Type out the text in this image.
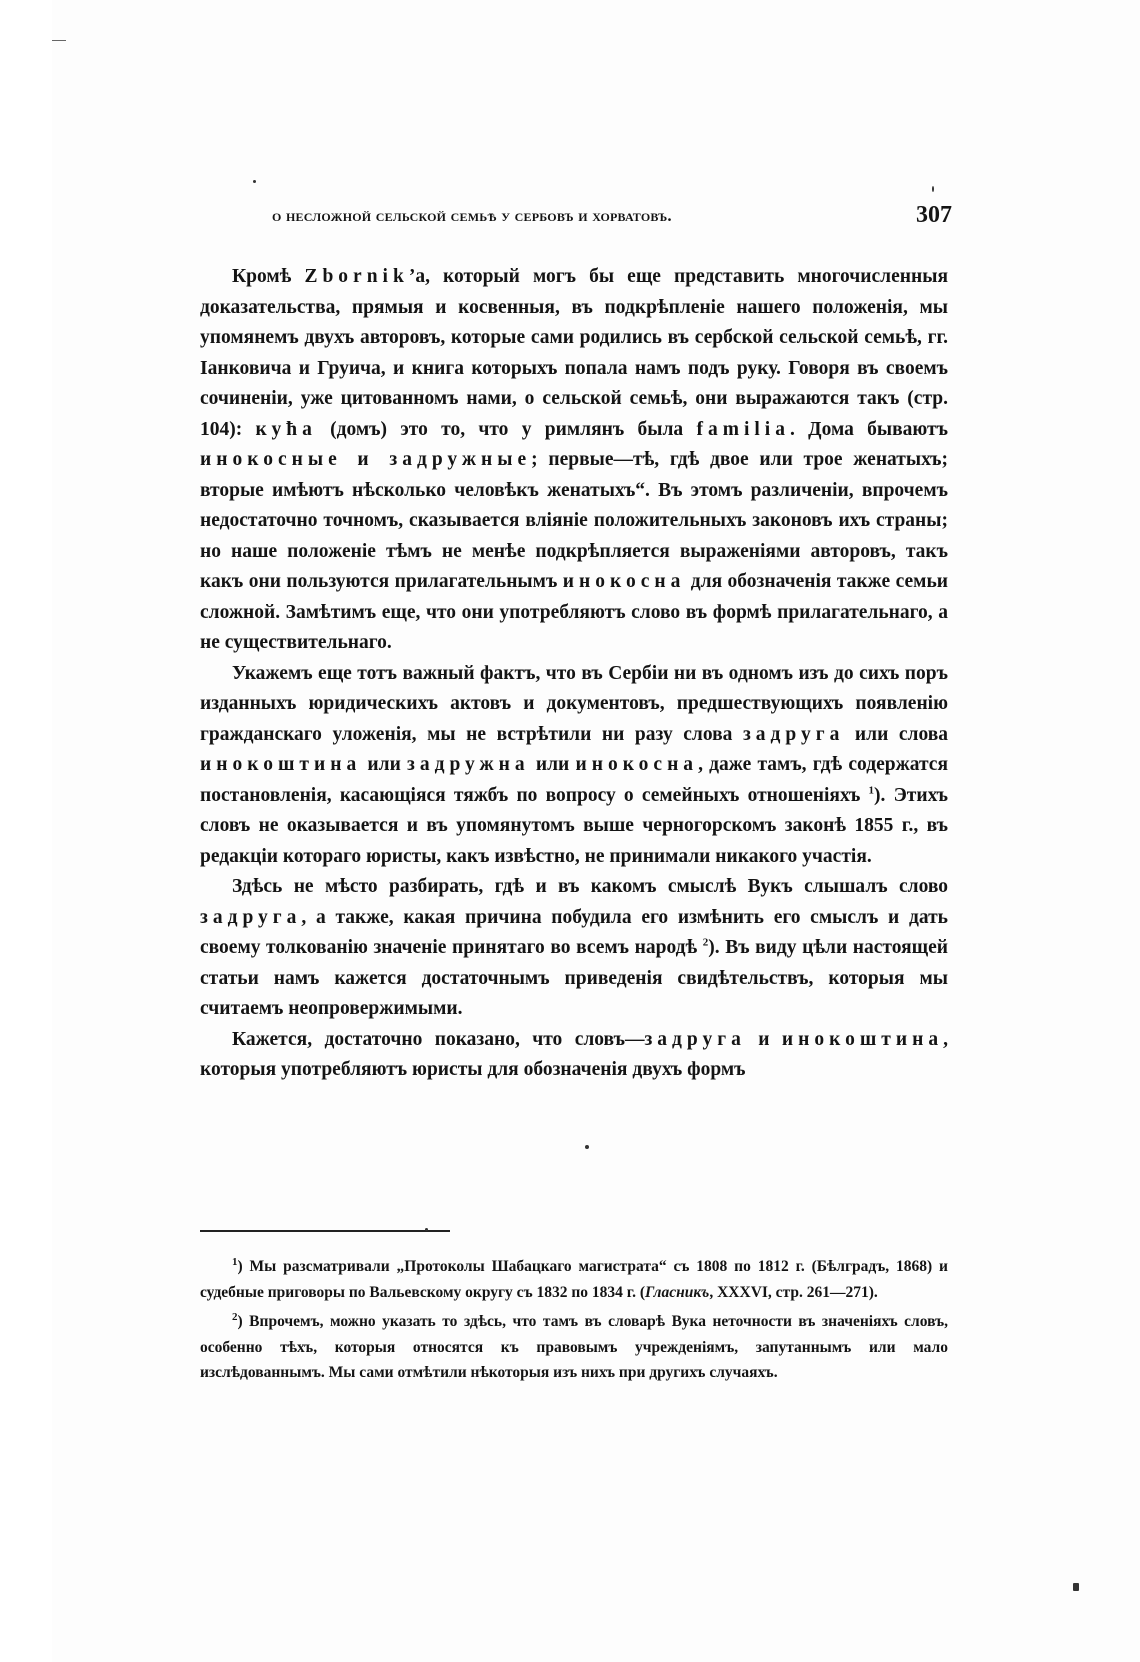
о несложной сельской семьѣ у сербовъ и хорватовъ.	307

Кромѣ Zbornik’а, который могъ бы еще представить многочисленныя доказательства, прямыя и косвенныя, въ подкрѣпленіе нашего положенія, мы упомянемъ двухъ авторовъ, которые сами родились въ сербской сельской семьѣ, гг. Іанковича и Груича, и книга которыхъ попала намъ подъ руку. Говоря въ своемъ сочиненіи, уже цитованномъ нами, о сельской семьѣ, они выражаются такъ (стр. 104): кућа (домъ) это то, что у римлянъ была familia. Дома бываютъ инокосные и задружные; первые—тѣ, гдѣ двое или трое женатыхъ; вторые имѣютъ нѣсколько человѣкъ женатыхъ“. Въ этомъ различеніи, впрочемъ недостаточно точномъ, сказывается вліяніе положительныхъ законовъ ихъ страны; но наше положеніе тѣмъ не менѣе подкрѣпляется выраженіями авторовъ, такъ какъ они пользуются прилагательнымъ инокосна для обозначенія также семьи сложной. Замѣтимъ еще, что они употребляютъ слово въ формѣ прилагательнаго, а не существительнаго.

Укажемъ еще тотъ важный фактъ, что въ Сербіи ни въ одномъ изъ до сихъ поръ изданныхъ юридическихъ актовъ и документовъ, предшествующихъ появленію гражданскаго уложенія, мы не встрѣтили ни разу слова задруга или слова инокоштина или задружна или инокосна, даже тамъ, гдѣ содержатся постановленія, касающіяся тяжбъ по вопросу о семейныхъ отношеніяхъ $^1$). Этихъ словъ не оказывается и въ упомянутомъ выше черногорскомъ законѣ 1855 г., въ редакціи котораго юристы, какъ извѣстно, не принимали никакого участія.

Здѣсь не мѣсто разбирать, гдѣ и въ какомъ смыслѣ Вукъ слышалъ слово задруга, а также, какая причина побудила его измѣнить его смыслъ и дать своему толкованію значеніе принятаго во всемъ народѣ $^2$). Въ виду цѣли настоящей статьи намъ кажется достаточнымъ приведенія свидѣтельствъ, которыя мы считаемъ неопровержимыми.

Кажется, достаточно показано, что словъ—задруга и инокоштина, которыя употребляютъ юристы для обозначенія двухъ формъ

$^1$) Мы разсматривали „Протоколы Шабацкаго магистрата“ съ 1808 по 1812 г. (Бѣлградъ, 1868) и судебные приговоры по Вальевскому округу съ 1832 по 1834 г. (Гласникъ, XXXVI, стр. 261—271).

$^2$) Впрочемъ, можно указать то здѣсь, что тамъ въ словарѣ Вука неточности въ значеніяхъ словъ, особенно тѣхъ, которыя относятся къ правовымъ учрежденіямъ, запутаннымъ или мало изслѣдованнымъ. Мы сами отмѣтили нѣкоторыя изъ нихъ при другихъ случаяхъ.
